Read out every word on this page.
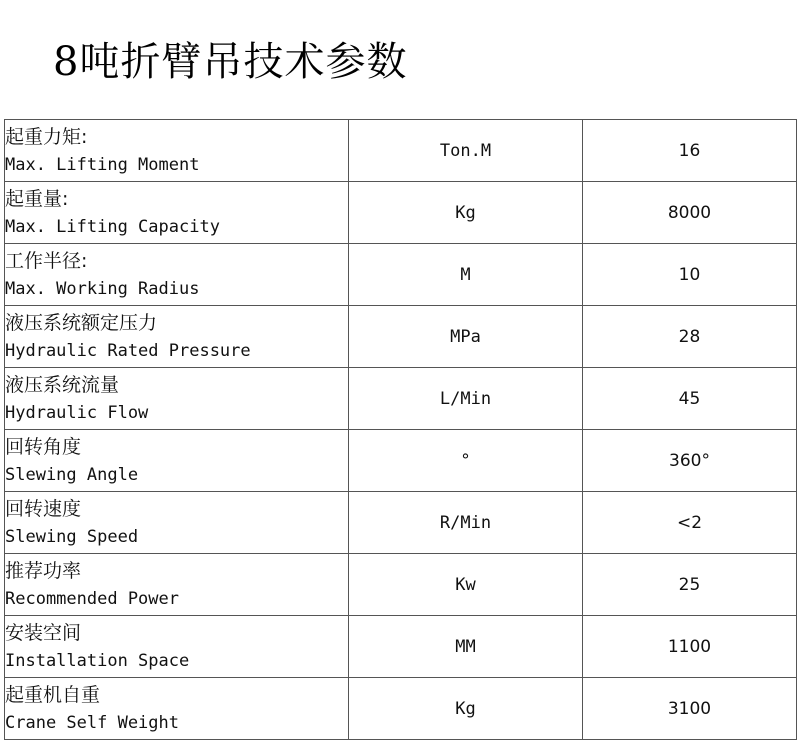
8吨折臂吊技术参数
起重力矩:
Max. Lifting Moment	Ton.M	16

起重量:
Max. Lifting Capacity	Kg	8000

工作半径:
Max. Working Radius	M	10

液压系统额定压力
Hydraulic Rated Pressure	MPa	28

液压系统流量
Hydraulic Flow	L/Min	45

回转角度
Slewing Angle	°	360°

回转速度
Slewing Speed	R/Min	<2

推荐功率
Recommended Power	Kw	25

安装空间
Installation Space	MM	1100

起重机自重
Crane Self Weight	Kg	3100
